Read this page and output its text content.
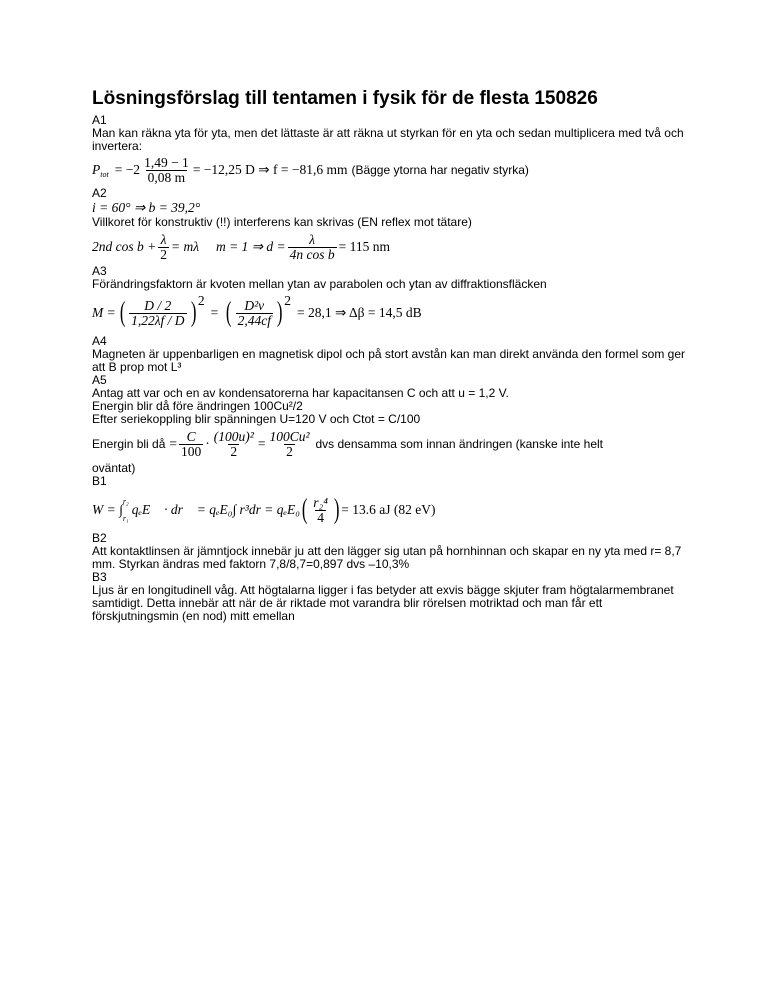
Lösningsförslag till tentamen i fysik för de flesta 150826

A1

Man kan räkna yta för yta, men det lättaste är att räkna ut styrkan för en yta och sedan multiplicera med två och invertera:

$P_{tot} = -2 \frac{1,49 - 1}{0,08 m} = -12,25$ D ⇒ f = −81,6 mm (Bägge ytorna har negativ styrka)

A2

i = 60° ⇒ b = 39,2°

Villkoret för konstruktiv (!!) interferens kan skrivas (EN reflex mot tätare)

2nd $\cos b + \frac{\lambda}{2} = m\lambda$     m = 1 ⇒ $d = \frac{\lambda}{\text{4n cos b}} = 115$ nm

A3

Förändringsfaktorn är kvoten mellan ytan av parabolen och ytan av diffraktionsfläcken

M = ( $\frac{D / 2}{1,22\lambda f / D} )^2$
= ( $\frac{\text{D²ν}}{2,44cf} )^2$
= 28,1 ⇒ Δβ = 14,5 dB

A4

Magneten är uppenbarligen en magnetisk dipol och på stort avstån kan man direkt använda den formel som ger att B prop mot L³

A5

Antag att var och en av kondensatorerna har kapacitansen C och att u = 1,2 V.

Energin blir då före ändringen 100Cu²/2

Efter seriekoppling blir spänningen U=120 V och Ctot = C/100

Energin bli då = $\frac{C}{100} \cdot \frac{\text{(100u)²}}{2} = \frac{\text{100Cu²}}{2}$ dvs densamma som innan ändringen (kanske inte helt

oväntat)

B1

W = ∫
r₂
r₁
qₑE⃗ · dr⃗ = qₑE₀∫ r³dr = qₑE₀ ( $\frac{\text{r₂⁴}}{4}$ ) = 13.6 aJ (82 eV)

B2

Att kontaktlinsen är jämntjock innebär ju att den lägger sig utan på hornhinnan och skapar en ny yta med r= 8,7 mm. Styrkan ändras med faktorn 7,8/8,7=0,897 dvs –10,3%

B3

Ljus är en longitudinell våg. Att högtalarna ligger i fas betyder att exvis bägge skjuter fram högtalarmembranet samtidigt. Detta innebär att när de är riktade mot varandra blir rörelsen motriktad och man får ett förskjutningsmin (en nod) mitt emellan
